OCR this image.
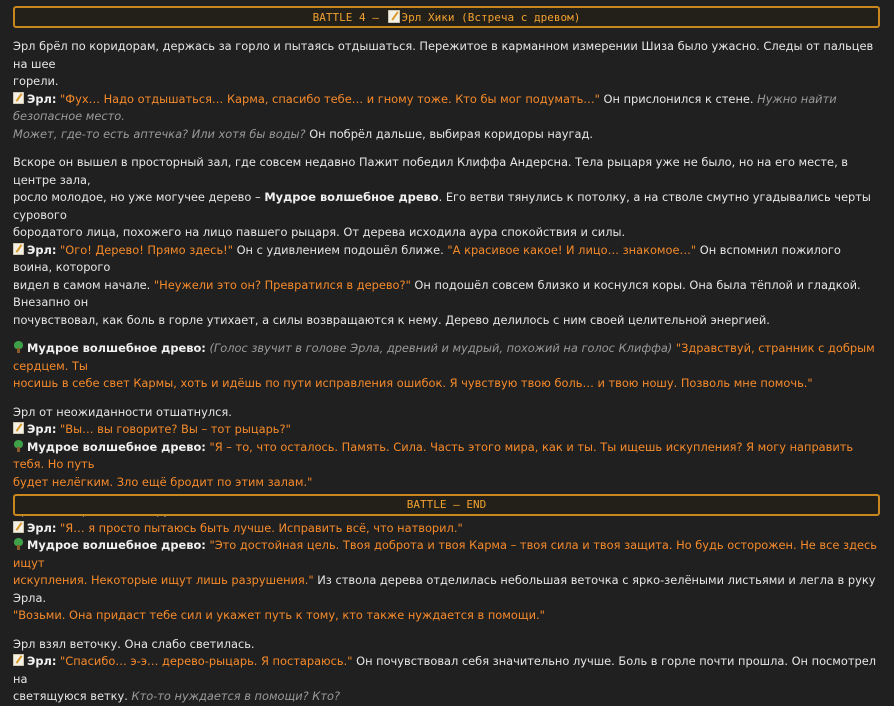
BATTLE 4 – Эрл Хики (Встреча с древом)
Эрл брёл по коридорам, держась за горло и пытаясь отдышаться. Пережитое в карманном измерении Шиза было ужасно. Следы от пальцев на шее
горели.
Эрл: "Фух… Надо отдышаться… Карма, спасибо тебе… и гному тоже. Кто бы мог подумать…" Он прислонился к стене. Нужно найти безопасное место.
Может, где-то есть аптечка? Или хотя бы воды? Он побрёл дальше, выбирая коридоры наугад.
Вскоре он вышел в просторный зал, где совсем недавно Пажит победил Клиффа Андерсна. Тела рыцаря уже не было, но на его месте, в центре зала,
росло молодое, но уже могучее дерево – Мудрое волшебное древо. Его ветви тянулись к потолку, а на стволе смутно угадывались черты сурового
бородатого лица, похожего на лицо павшего рыцаря. От дерева исходила аура спокойствия и силы.
Эрл: "Ого! Дерево! Прямо здесь!" Он с удивлением подошёл ближе. "А красивое какое! И лицо… знакомое…" Он вспомнил пожилого воина, которого
видел в самом начале. "Неужели это он? Превратился в дерево?" Он подошёл совсем близко и коснулся коры. Она была тёплой и гладкой. Внезапно он
почувствовал, как боль в горле утихает, а силы возвращаются к нему. Дерево делилось с ним своей целительной энергией.
Мудрое волшебное древо: (Голос звучит в голове Эрла, древний и мудрый, похожий на голос Клиффа) "Здравствуй, странник с добрым сердцем. Ты
носишь в себе свет Кармы, хоть и идёшь по пути исправления ошибок. Я чувствую твою боль… и твою ношу. Позволь мне помочь."
Эрл от неожиданности отшатнулся.
Эрл: "Вы… вы говорите? Вы – тот рыцарь?"
Мудрое волшебное древо: "Я – то, что осталось. Память. Сила. Часть этого мира, как и ты. Ты ищешь искупления? Я могу направить тебя. Но путь
будет нелёгким. Зло ещё бродит по этим залам."
Эрл: "Я… я просто пытаюсь быть лучше. Исправить всё, что натворил."
Мудрое волшебное древо: "Это достойная цель. Твоя доброта и твоя Карма – твоя сила и твоя защита. Но будь осторожен. Не все здесь ищут
искупления. Некоторые ищут лишь разрушения." Из ствола дерева отделилась небольшая веточка с ярко-зелёными листьями и легла в руку Эрла.
"Возьми. Она придаст тебе сил и укажет путь к тому, кто также нуждается в помощи."
Эрл взял веточку. Она слабо светилась.
Эрл: "Спасибо… э-э… дерево-рыцарь. Я постараюсь." Он почувствовал себя значительно лучше. Боль в горле почти прошла. Он посмотрел на
светящуюся ветку. Кто-то нуждается в помощи? Кто?
BATTLE – END
